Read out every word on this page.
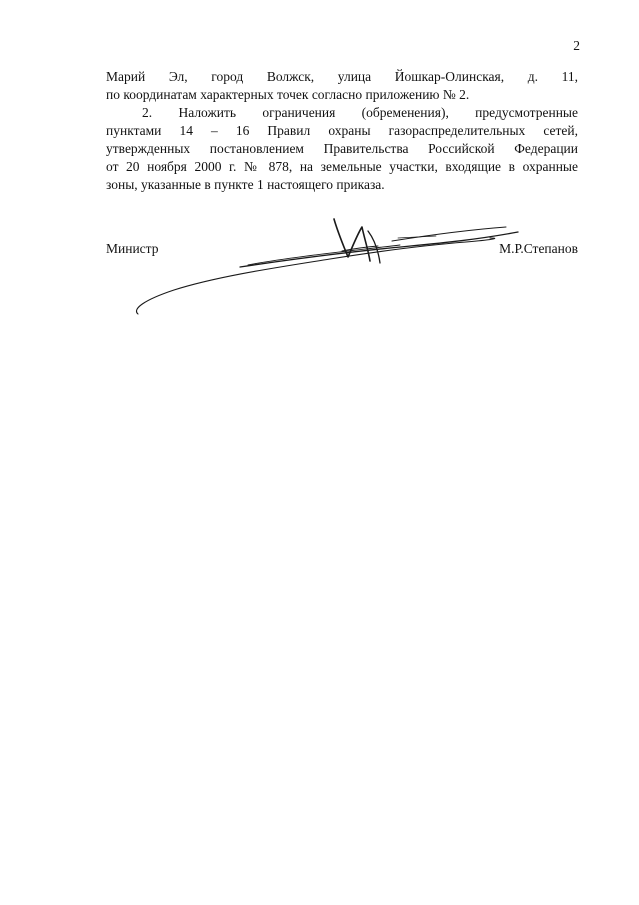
2

Марий Эл, город Волжск, улица Йошкар-Олинская, д. 11,
по координатам характерных точек согласно приложению № 2.

2. Наложить ограничения (обременения), предусмотренные

пунктами 14 – 16 Правил охраны газораспределительных сетей,
утвержденных постановлением Правительства Российской Федерации
от 20 ноября 2000 г. № 878, на земельные участки, входящие в охранные
зоны, указанные в пункте 1 настоящего приказа.

Министр	М.Р.Степанов
